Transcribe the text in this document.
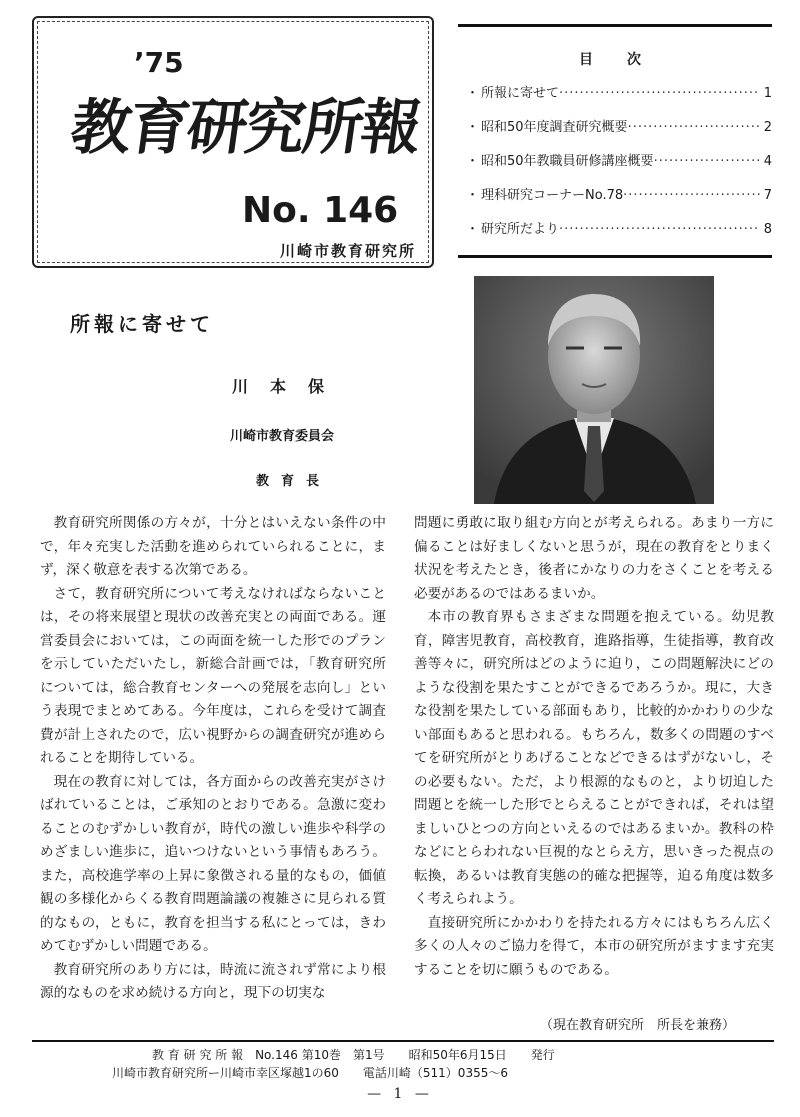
’75
教育研究所報
No. 146
川崎市教育研究所
目　次
・ 所報に寄せて ·····	1
・ 昭和50年度調査研究概要 ·····	2
・ 昭和50年教職員研修講座概要 ·····	4
・ 理科研究コーナーNo.78 ·····	7
・ 研究所だより ·····	8
所報に寄せて
川本保
川崎市教育委員会
教育長

教育研究所関係の方々が，十分とはいえない条件の中で，年々充実した活動を進められていられることに，まず，深く敬意を表する次第である。

さて，教育研究所について考えなければならないことは，その将来展望と現状の改善充実との両面である。運営委員会においては，この両面を統一した形でのプランを示していただいたし，新総合計画では，「教育研究所については，総合教育センターへの発展を志向し」という表現でまとめてある。今年度は，これらを受けて調査費が計上されたので，広い視野からの調査研究が進められることを期待している。

現在の教育に対しては，各方面からの改善充実がさけばれていることは，ご承知のとおりである。急激に変わることのむずかしい教育が，時代の激しい進歩や科学のめざましい進歩に，追いつけないという事情もあろう。また，高校進学率の上昇に象徴される量的なもの，価値観の多様化からくる教育問題論議の複雑さに見られる質的なもの，ともに，教育を担当する私にとっては，きわめてむずかしい問題である。

教育研究所のあり方には，時流に流されず常により根源的なものを求め続ける方向と，現下の切実な

問題に勇敢に取り組む方向とが考えられる。あまり一方に偏ることは好ましくないと思うが，現在の教育をとりまく状況を考えたとき，後者にかなりの力をさくことを考える必要があるのではあるまいか。

本市の教育界もさまざまな問題を抱えている。幼児教育，障害児教育，高校教育，進路指導，生徒指導，教育改善等々に，研究所はどのように迫り，この問題解決にどのような役割を果たすことができるであろうか。現に，大きな役割を果たしている部面もあり，比較的かかわりの少ない部面もあると思われる。もちろん，数多くの問題のすべてを研究所がとりあげることなどできるはずがないし，その必要もない。ただ，より根源的なものと，より切迫した問題とを統一した形でとらえることができれば，それは望ましいひとつの方向といえるのではあるまいか。教科の枠などにとらわれない巨視的なとらえ方，思いきった視点の転換，あるいは教育実態の的確な把握等，迫る角度は数多く考えられよう。

直接研究所にかかわりを持たれる方々にはもちろん広く多くの人々のご協力を得て，本市の研究所がますます充実することを切に願うものである。

（現在教育研究所　所長を兼務）
教 育 研 究 所 報　No.146 第10巻　第1号　　昭和50年6月15日　　発行
川崎市教育研究所ー川崎市幸区塚越1の60　　電話川崎（511）0355～6
— 1 —
